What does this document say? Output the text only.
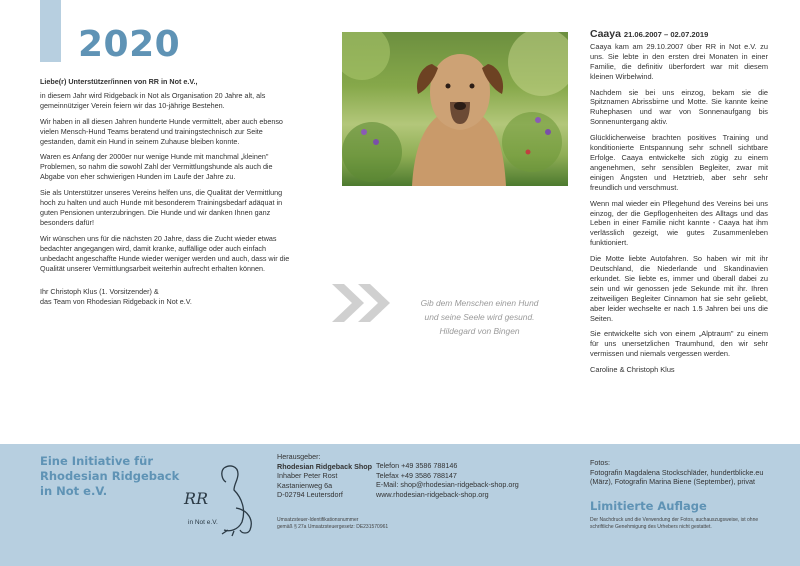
2020

Liebe(r) Unterstützer/innen von RR in Not e.V.,

in diesem Jahr wird Ridgeback in Not als Organisation 20 Jahre alt, als gemeinnütziger Verein feiern wir das 10-jährige Bestehen.

Wir haben in all diesen Jahren hunderte Hunde vermittelt, aber auch ebenso vielen Mensch-Hund Teams beratend und trainingstechnisch zur Seite gestanden, damit ein Hund in seinem Zuhause bleiben konnte.

Waren es Anfang der 2000er nur wenige Hunde mit manchmal „kleinen" Problemen, so nahm die sowohl Zahl der Vermittlungshunde als auch die Abgabe von eher schwierigen Hunden im Laufe der Jahre zu.

Sie als Unterstützer unseres Vereins helfen uns, die Qualität der Vermittlung hoch zu halten und auch Hunde mit besonderem Trainingsbedarf adäquat in guten Pensionen unterzubringen. Die Hunde und wir danken Ihnen ganz besonders dafür!

Wir wünschen uns für die nächsten 20 Jahre, dass die Zucht wieder etwas bedachter angegangen wird, damit kranke, auffällige oder auch einfach unbedacht angeschaffte Hunde wieder weniger werden und auch, dass wir die Qualität unserer Vermittlungsarbeit weiterhin aufrecht erhalten können.

Ihr Christoph Klus (1. Vorsitzender) &
das Team von Rhodesian Ridgeback in Not e.V.	Gib dem Menschen einen Hund
und seine Seele wird gesund.
Hildegard von Bingen
Caaya 21.06.2007 – 02.07.2019

Caaya kam am 29.10.2007 über RR in Not e.V. zu uns. Sie lebte in den ersten drei Monaten in einer Familie, die definitiv überfordert war mit diesem kleinen Wirbelwind.

Nachdem sie bei uns einzog, bekam sie die Spitznamen Abrissbirne und Motte. Sie kannte keine Ruhephasen und war von Sonnenaufgang bis Sonnenuntergang aktiv.

Glücklicherweise brachten positives Training und konditionierte Entspannung sehr schnell sichtbare Erfolge. Caaya entwickelte sich zügig zu einem angenehmen, sehr sensiblen Begleiter, zwar mit einigen Ängsten und Hetztrieb, aber sehr sehr freundlich und verschmust.

Wenn mal wieder ein Pflegehund des Vereins bei uns einzog, der die Gepflogenheiten des Alltags und das Leben in einer Familie nicht kannte - Caaya hat ihm verlässlich gezeigt, wie gutes Zusammenleben funktioniert.

Die Motte liebte Autofahren. So haben wir mit ihr Deutschland, die Niederlande und Skandinavien erkundet. Sie liebte es, immer und überall dabei zu sein und wir genossen jede Sekunde mit ihr. Ihren zeitweiligen Begleiter Cinnamon hat sie sehr geliebt, aber leider wechselte er nach 1.5 Jahren bei uns die Seiten.

Sie entwickelte sich von einem „Alptraum" zu einem für uns unersetzlichen Traumhund, den wir sehr vermissen und niemals vergessen werden.

Caroline & Christoph Klus

Eine Initiative für
Rhodesian Ridgeback
in Not e.V.	RR
in Not e.V.
Herausgeber:
Rhodesian Ridgeback Shop
Inhaber Peter Rost
Kastanienweg 6a
D-02794 Leutersdorf
Telefon +49 3586 788146
Telefax +49 3586 788147
E-Mail: shop@rhodesian-ridgeback-shop.org
www.rhodesian-ridgeback-shop.org
Umsatzsteuer-Identifikationsnummer
gemäß § 27a Umsatzsteuergesetz: DE231570961
Fotos:
Fotografin Magdalena Stockschläder, hundertblicke.eu (März), Fotografin Marina Biene (September), privat
Limitierte Auflage
Der Nachdruck und die Verwendung der Fotos, auchauszugsweise, ist ohne schriftliche Genehmigung des Urhebers nicht gestattet.
